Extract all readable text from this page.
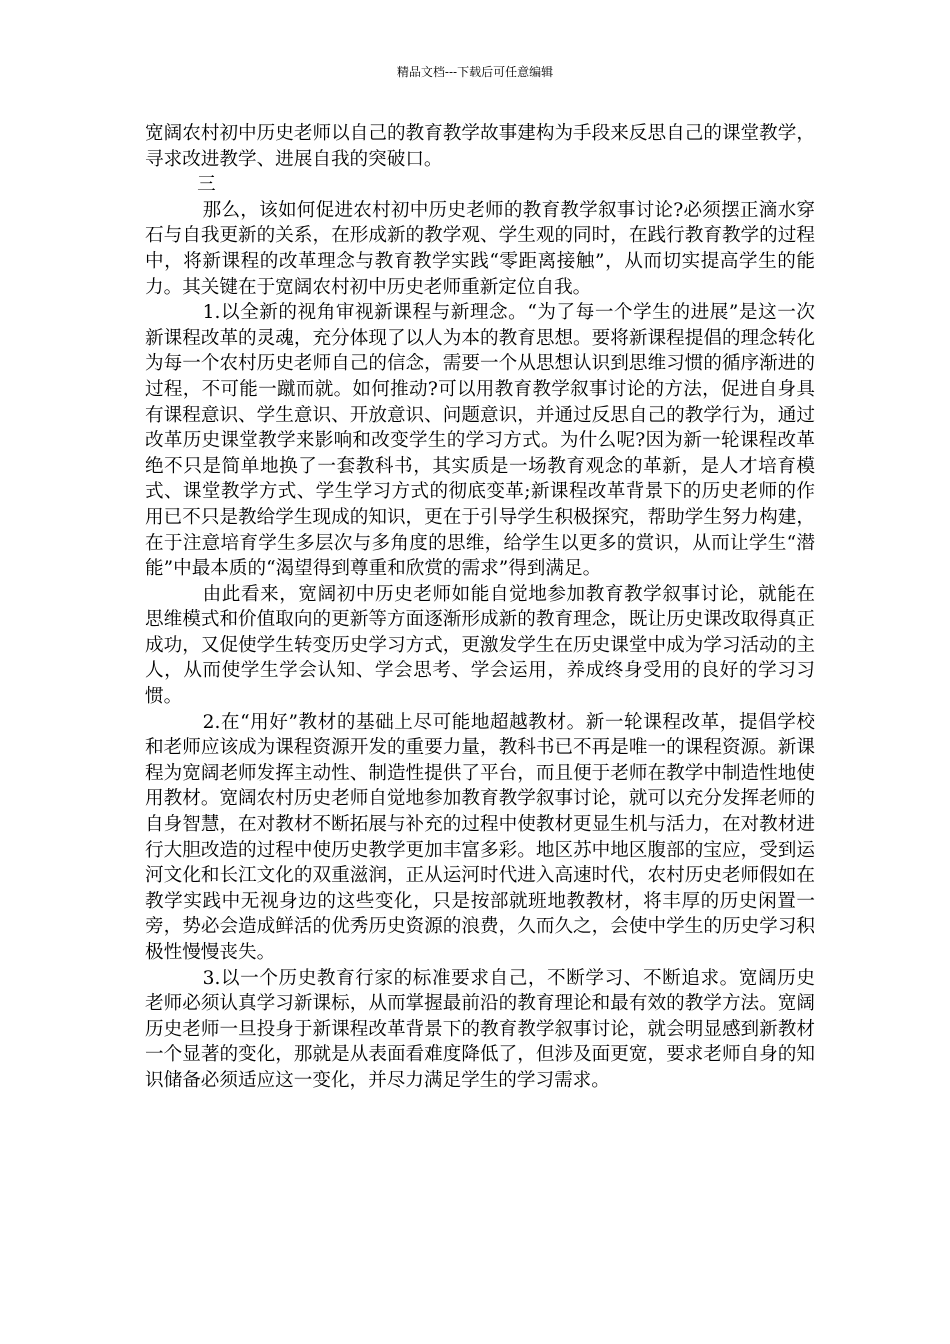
精品文档---下载后可任意编辑

宽阔农村初中历史老师以自己的教育教学故事建构为手段来反思自己的课堂教学，寻求改进教学、进展自我的突破口。

三

那么，该如何促进农村初中历史老师的教育教学叙事讨论?必须摆正滴水穿石与自我更新的关系，在形成新的教学观、学生观的同时，在践行教育教学的过程中，将新课程的改革理念与教育教学实践“零距离接触”，从而切实提高学生的能力。其关键在于宽阔农村初中历史老师重新定位自我。

1.以全新的视角审视新课程与新理念。“为了每一个学生的进展”是这一次新课程改革的灵魂，充分体现了以人为本的教育思想。要将新课程提倡的理念转化为每一个农村历史老师自己的信念，需要一个从思想认识到思维习惯的循序渐进的过程，不可能一蹴而就。如何推动?可以用教育教学叙事讨论的方法，促进自身具有课程意识、学生意识、开放意识、问题意识，并通过反思自己的教学行为，通过改革历史课堂教学来影响和改变学生的学习方式。为什么呢?因为新一轮课程改革绝不只是简单地换了一套教科书，其实质是一场教育观念的革新，是人才培育模式、课堂教学方式、学生学习方式的彻底变革;新课程改革背景下的历史老师的作用已不只是教给学生现成的知识，更在于引导学生积极探究，帮助学生努力构建，在于注意培育学生多层次与多角度的思维，给学生以更多的赏识，从而让学生“潜能”中最本质的“渴望得到尊重和欣赏的需求”得到满足。

由此看来，宽阔初中历史老师如能自觉地参加教育教学叙事讨论，就能在思维模式和价值取向的更新等方面逐渐形成新的教育理念，既让历史课改取得真正成功，又促使学生转变历史学习方式，更激发学生在历史课堂中成为学习活动的主人，从而使学生学会认知、学会思考、学会运用，养成终身受用的良好的学习习惯。

2.在“用好”教材的基础上尽可能地超越教材。新一轮课程改革，提倡学校和老师应该成为课程资源开发的重要力量，教科书已不再是唯一的课程资源。新课程为宽阔老师发挥主动性、制造性提供了平台，而且便于老师在教学中制造性地使用教材。宽阔农村历史老师自觉地参加教育教学叙事讨论，就可以充分发挥老师的自身智慧，在对教材不断拓展与补充的过程中使教材更显生机与活力，在对教材进行大胆改造的过程中使历史教学更加丰富多彩。地区苏中地区腹部的宝应，受到运河文化和长江文化的双重滋润，正从运河时代进入高速时代，农村历史老师假如在教学实践中无视身边的这些变化，只是按部就班地教教材，将丰厚的历史闲置一旁，势必会造成鲜活的优秀历史资源的浪费，久而久之，会使中学生的历史学习积极性慢慢丧失。

3.以一个历史教育行家的标准要求自己，不断学习、不断追求。宽阔历史老师必须认真学习新课标，从而掌握最前沿的教育理论和最有效的教学方法。宽阔历史老师一旦投身于新课程改革背景下的教育教学叙事讨论，就会明显感到新教材一个显著的变化，那就是从表面看难度降低了，但涉及面更宽，要求老师自身的知识储备必须适应这一变化，并尽力满足学生的学习需求。
